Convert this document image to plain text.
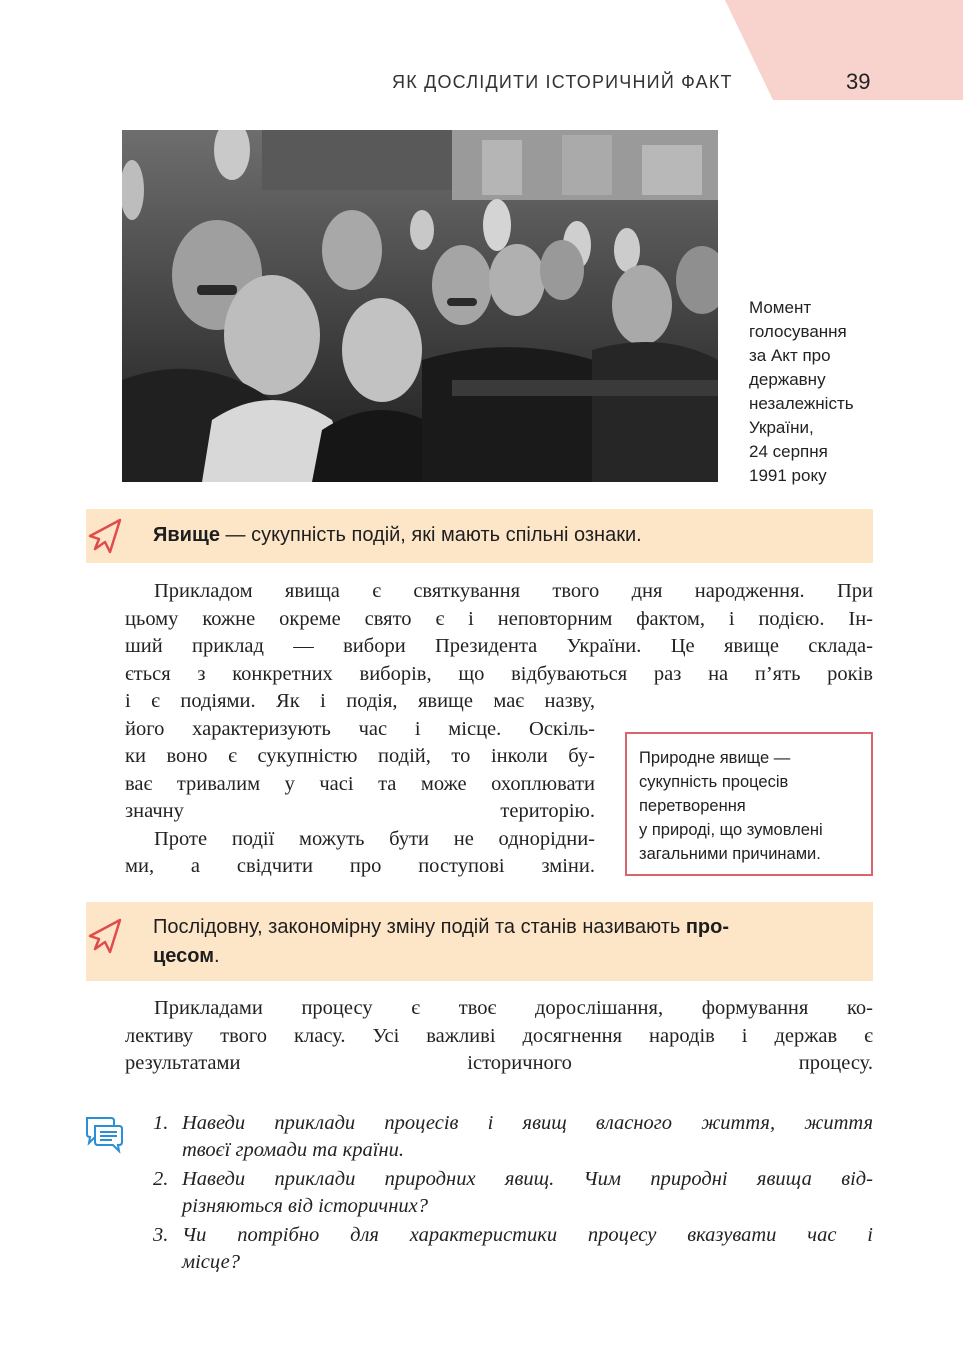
ЯК ДОСЛІДИТИ ІСТОРИЧНИЙ ФАКТ	39
Момент
голосування
за Акт про
державну
незалежність
України,
24 серпня
1991 року
Явище — сукупність подій, які мають спільні ознаки.
Прикладом явища є святкування твого дня народження. При
цьому кожне окреме свято є і неповторним фактом, і подією. Ін-
ший приклад — вибори Президента України. Це явище склада-
ється з конкретних виборів, що відбуваються раз на п’ять років
і є подіями. Як і подія, явище має назву,
його характеризують час і місце. Оскіль-
ки воно є сукупністю подій, то інколи бу-
ває тривалим у часі та може охоплювати
значну територію.
Проте події можуть бути не однорідни-
ми, а свідчити про поступові зміни.
Природне явище —
сукупність процесів
перетворення
у природі, що зумовлені
загальними причинами.
Послідовну, закономірну зміну подій та станів називають про-
цесом.
Прикладами процесу є твоє дорослішання, формування ко-
лективу твого класу. Усі важливі досягнення народів і держав є
результатами історичного процесу.
1. Наведи приклади процесів і явищ власного життя, життя
твоєї громади та країни.
2. Наведи приклади природних явищ. Чим природні явища від-
різняються від історичних?
3. Чи потрібно для характеристики процесу вказувати час і
місце?
